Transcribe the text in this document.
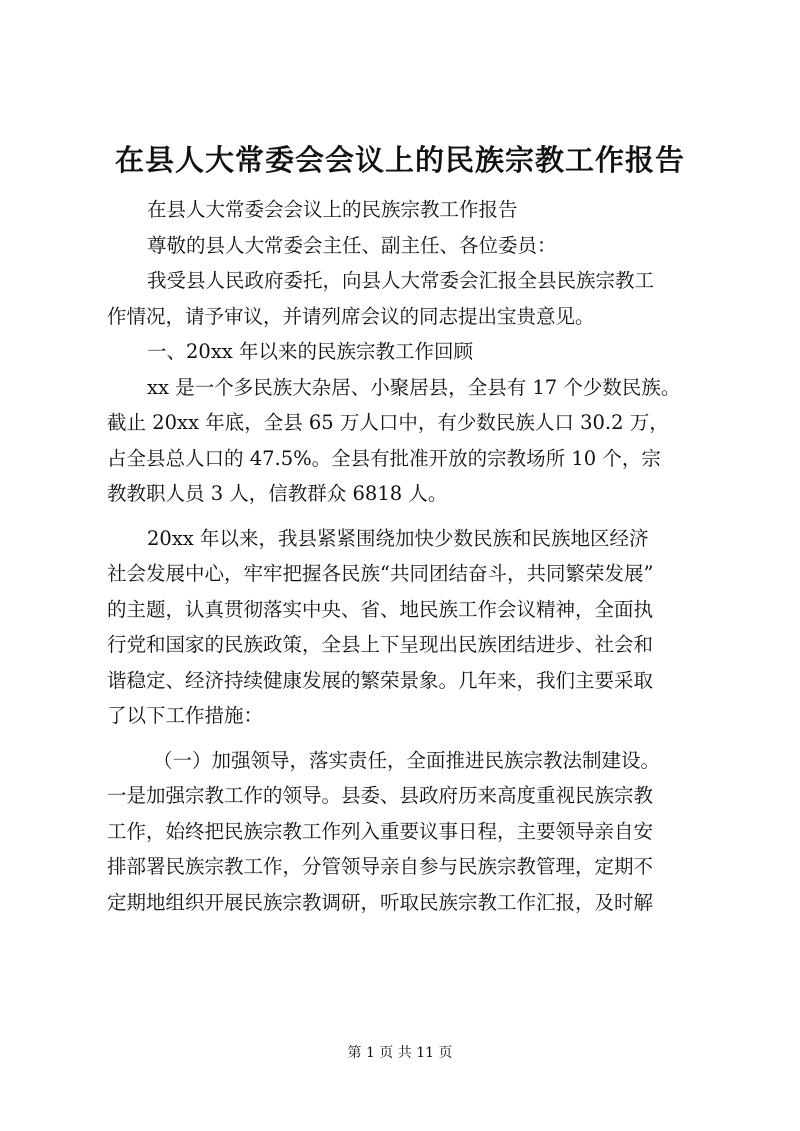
在县人大常委会会议上的民族宗教工作报告

在县人大常委会会议上的民族宗教工作报告

尊敬的县人大常委会主任、副主任、各位委员：

我受县人民政府委托，向县人大常委会汇报全县民族宗教工

作情况，请予审议，并请列席会议的同志提出宝贵意见。

一、20xx 年以来的民族宗教工作回顾

xx 是一个多民族大杂居、小聚居县，全县有 17 个少数民族。

截止 20xx 年底，全县 65 万人口中，有少数民族人口 30.2 万，

占全县总人口的 47.5%。全县有批准开放的宗教场所 10 个，宗

教教职人员 3 人，信教群众 6818 人。

20xx 年以来，我县紧紧围绕加快少数民族和民族地区经济

社会发展中心，牢牢把握各民族“共同团结奋斗，共同繁荣发展”

的主题，认真贯彻落实中央、省、地民族工作会议精神，全面执

行党和国家的民族政策，全县上下呈现出民族团结进步、社会和

谐稳定、经济持续健康发展的繁荣景象。几年来，我们主要采取

了以下工作措施：

（一）加强领导，落实责任，全面推进民族宗教法制建设。

一是加强宗教工作的领导。县委、县政府历来高度重视民族宗教

工作，始终把民族宗教工作列入重要议事日程，主要领导亲自安

排部署民族宗教工作，分管领导亲自参与民族宗教管理，定期不

定期地组织开展民族宗教调研，听取民族宗教工作汇报，及时解

第 1 页 共 11 页
